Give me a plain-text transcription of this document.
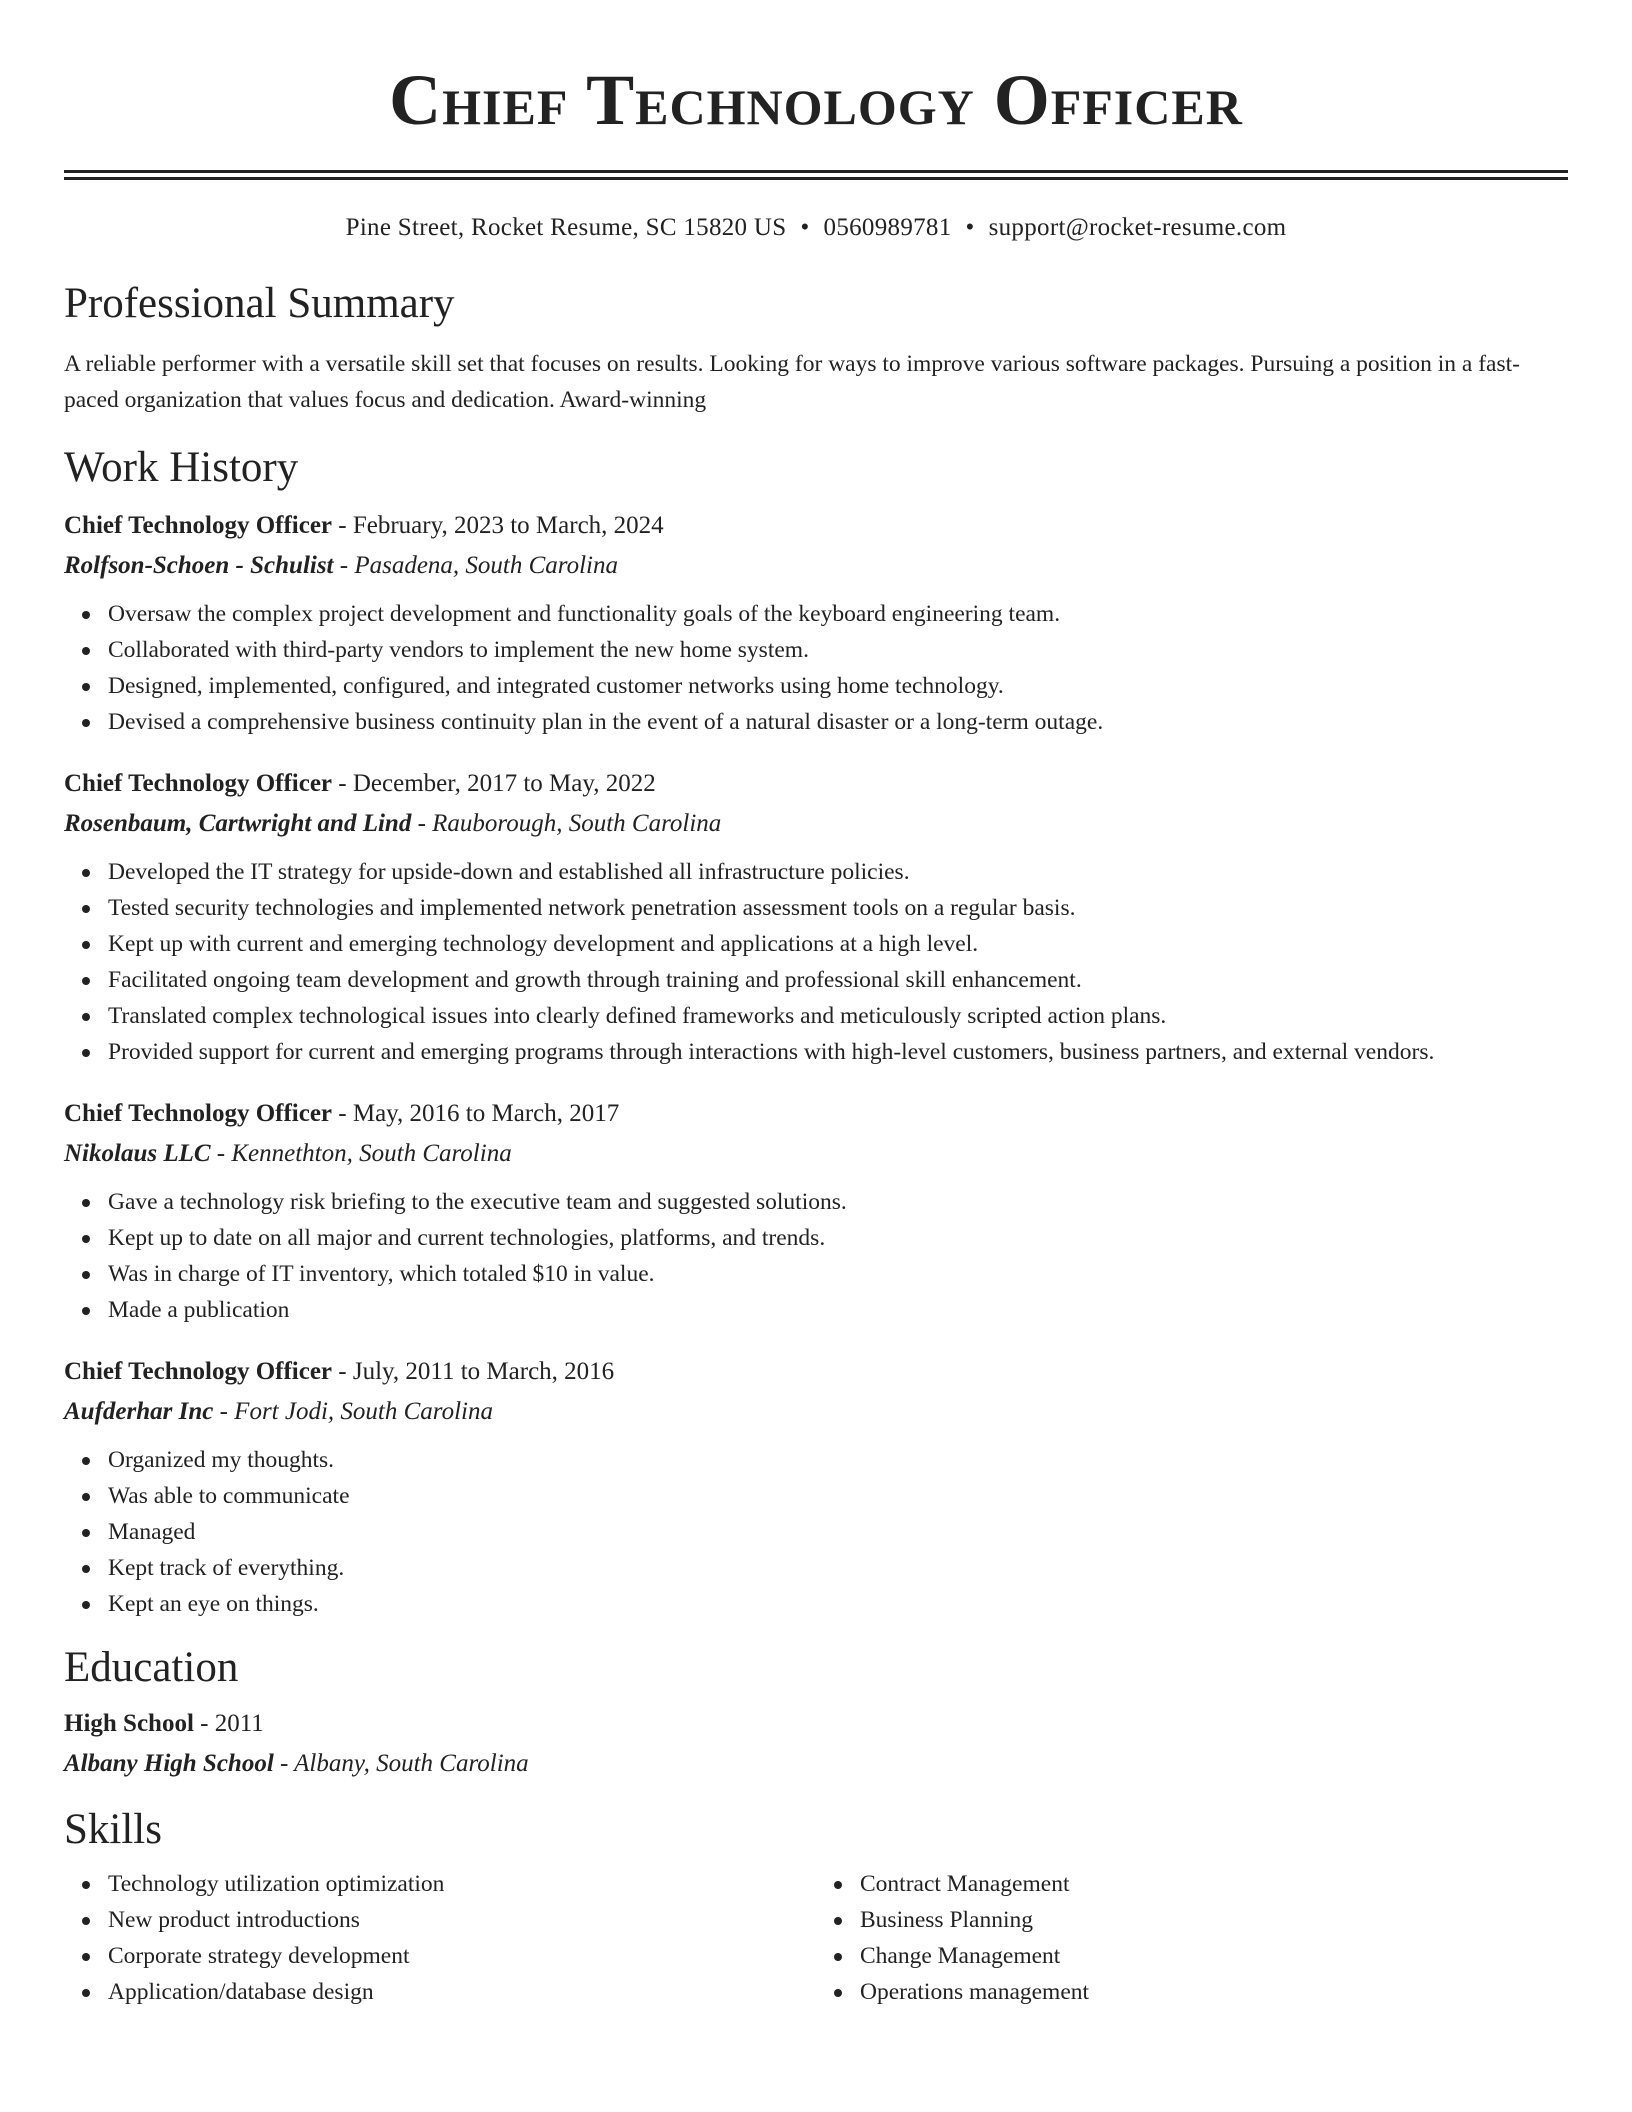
Chief Technology Officer
Pine Street, Rocket Resume, SC 15820 US • 0560989781 • support@rocket-resume.com
Professional Summary
A reliable performer with a versatile skill set that focuses on results. Looking for ways to improve various software packages. Pursuing a position in a fast-paced organization that values focus and dedication. Award-winning
Work History
Chief Technology Officer - February, 2023 to March, 2024
Rolfson-Schoen - Schulist - Pasadena, South Carolina
Oversaw the complex project development and functionality goals of the keyboard engineering team.
Collaborated with third-party vendors to implement the new home system.
Designed, implemented, configured, and integrated customer networks using home technology.
Devised a comprehensive business continuity plan in the event of a natural disaster or a long-term outage.
Chief Technology Officer - December, 2017 to May, 2022
Rosenbaum, Cartwright and Lind - Rauborough, South Carolina
Developed the IT strategy for upside-down and established all infrastructure policies.
Tested security technologies and implemented network penetration assessment tools on a regular basis.
Kept up with current and emerging technology development and applications at a high level.
Facilitated ongoing team development and growth through training and professional skill enhancement.
Translated complex technological issues into clearly defined frameworks and meticulously scripted action plans.
Provided support for current and emerging programs through interactions with high-level customers, business partners, and external vendors.
Chief Technology Officer - May, 2016 to March, 2017
Nikolaus LLC - Kennethton, South Carolina
Gave a technology risk briefing to the executive team and suggested solutions.
Kept up to date on all major and current technologies, platforms, and trends.
Was in charge of IT inventory, which totaled $10 in value.
Made a publication
Chief Technology Officer - July, 2011 to March, 2016
Aufderhar Inc - Fort Jodi, South Carolina
Organized my thoughts.
Was able to communicate
Managed
Kept track of everything.
Kept an eye on things.
Education
High School - 2011
Albany High School - Albany, South Carolina
Skills
Technology utilization optimization
New product introductions
Corporate strategy development
Application/database design
Contract Management
Business Planning
Change Management
Operations management
